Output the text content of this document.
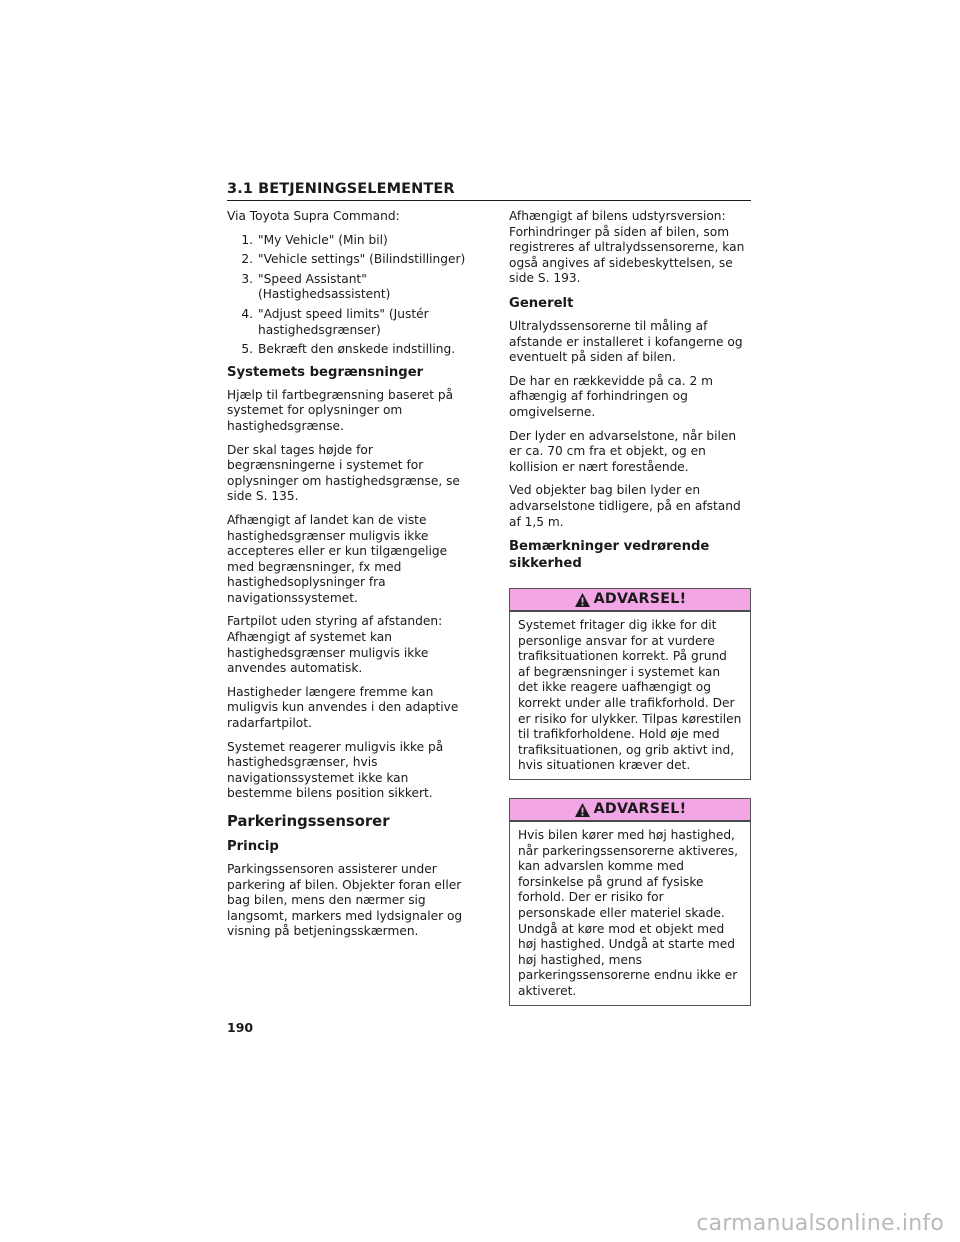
3.1 BETJENINGSELEMENTER

Via Toyota Supra Command:

1. "My Vehicle" (Min bil)
2. "Vehicle settings" (Bilindstillinger)
3. "Speed Assistant" (Hastighedsassistent)
4. "Adjust speed limits" (Justér hastighedsgrænser)
5. Bekræft den ønskede indstilling.
Systemets begrænsninger

Hjælp til fartbegrænsning baseret på systemet for oplysninger om hastighedsgrænse.

Der skal tages højde for begrænsningerne i systemet for oplysninger om hastighedsgrænse, se side S. 135.

Afhængigt af landet kan de viste hastighedsgrænser muligvis ikke accepteres eller er kun tilgængelige med begrænsninger, fx med hastighedsoplysninger fra navigationssystemet.

Fartpilot uden styring af afstanden: Afhængigt af systemet kan hastighedsgrænser muligvis ikke anvendes automatisk.

Hastigheder længere fremme kan muligvis kun anvendes i den adaptive radarfartpilot.

Systemet reagerer muligvis ikke på hastighedsgrænser, hvis navigationssystemet ikke kan bestemme bilens position sikkert.

Parkeringssensorer
Princip

Parkingssensoren assisterer under parkering af bilen. Objekter foran eller bag bilen, mens den nærmer sig langsomt, markers med lydsignaler og visning på betjeningsskærmen.

Afhængigt af bilens udstyrsversion: Forhindringer på siden af bilen, som registreres af ultralydssensorerne, kan også angives af sidebeskyttelsen, se side S. 193.

Generelt

Ultralydssensorerne til måling af afstande er installeret i kofangerne og eventuelt på siden af bilen.

De har en rækkevidde på ca. 2 m afhængig af forhindringen og omgivelserne.

Der lyder en advarselstone, når bilen er ca. 70 cm fra et objekt, og en kollision er nært forestående.

Ved objekter bag bilen lyder en advarselstone tidligere, på en afstand af 1,5 m.

Bemærkninger vedrørende sikkerhed
ADVARSEL!

Systemet fritager dig ikke for dit personlige ansvar for at vurdere trafiksituationen korrekt. På grund af begrænsninger i systemet kan det ikke reagere uafhængigt og korrekt under alle trafikforhold. Der er risiko for ulykker. Tilpas kørestilen til trafikforholdene. Hold øje med trafiksituationen, og grib aktivt ind, hvis situationen kræver det.

ADVARSEL!

Hvis bilen kører med høj hastighed, når parkeringssensorerne aktiveres, kan advarslen komme med forsinkelse på grund af fysiske forhold. Der er risiko for personskade eller materiel skade. Undgå at køre mod et objekt med høj hastighed. Undgå at starte med høj hastighed, mens parkeringssensorerne endnu ikke er aktiveret.

190
carmanualsonline.info
